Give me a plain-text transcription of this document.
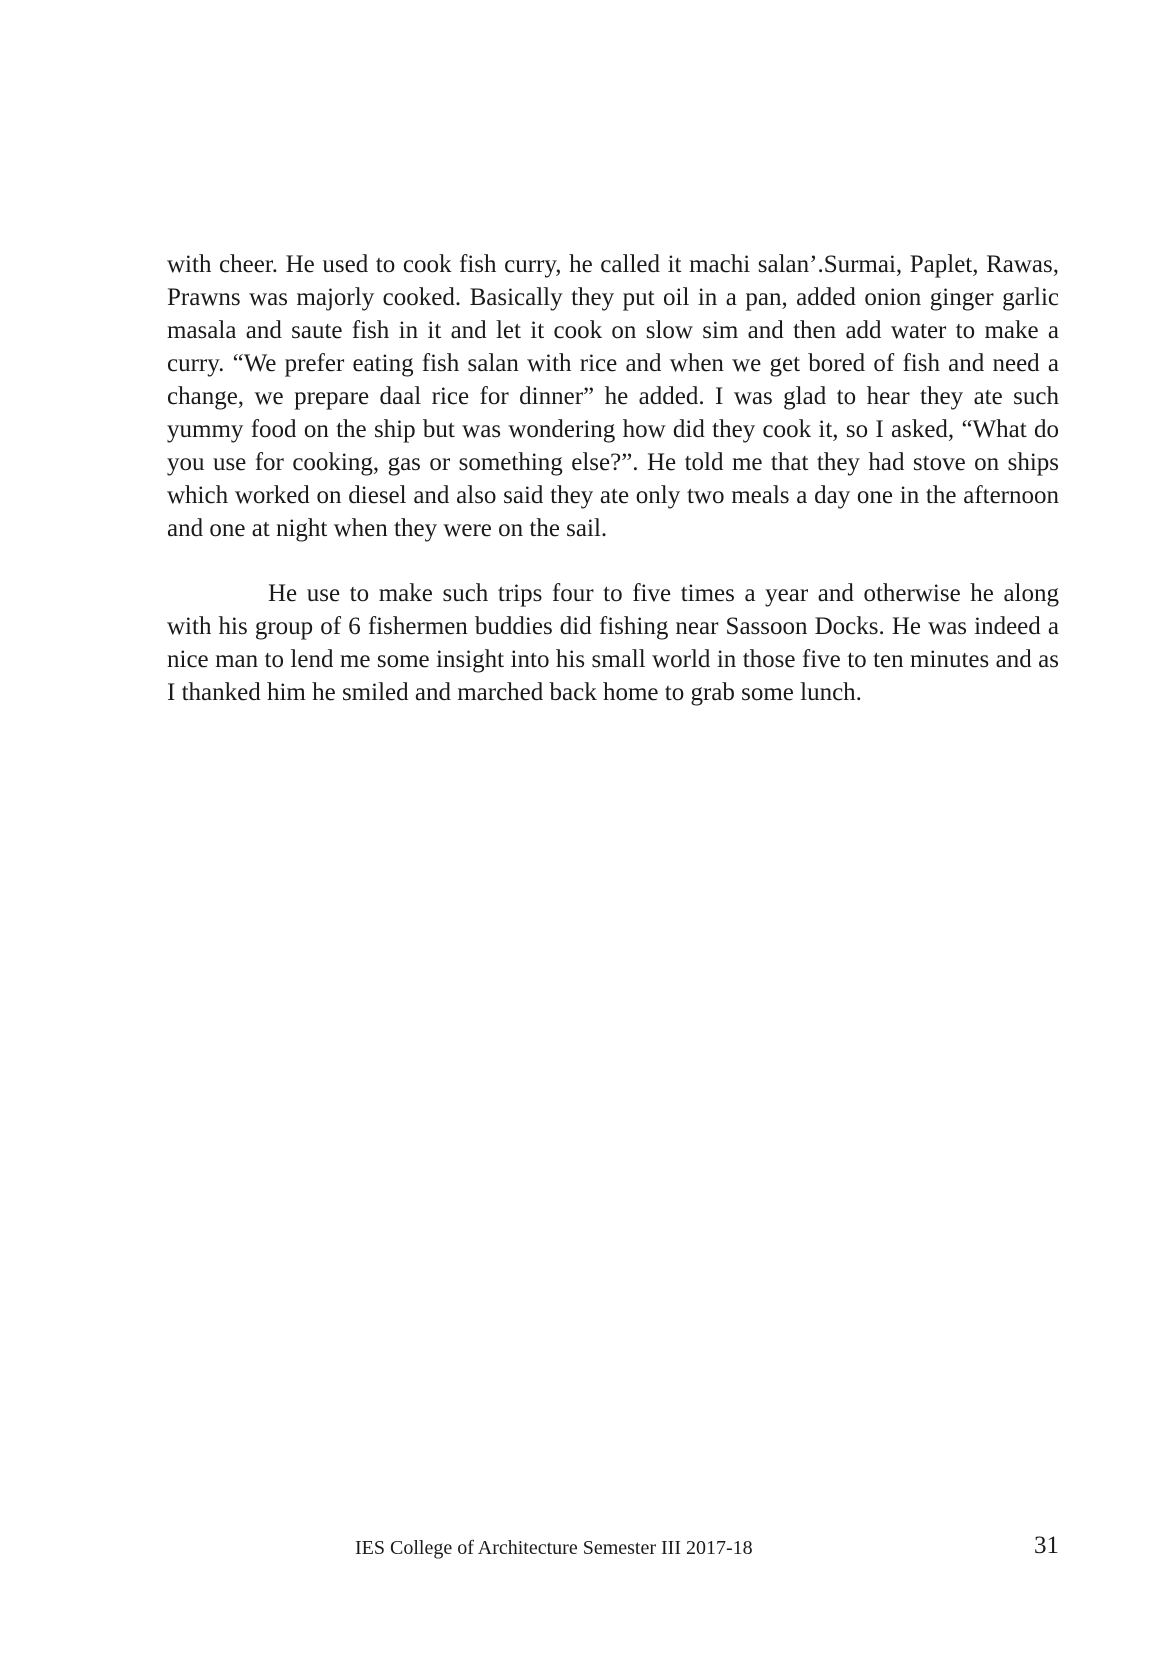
with cheer. He used to cook fish curry, he called it machi salan’.Surmai, Paplet, Rawas, Prawns was majorly cooked. Basically they put oil in a pan, added onion ginger garlic masala and saute fish in it and let it cook on slow sim and then add water to make a curry. “We prefer eating fish salan with rice and when we get bored of fish and need a change, we prepare daal rice for dinner” he added. I was glad to hear they ate such yummy food on the ship but was wondering how did they cook it, so I asked, “What do you use for cooking, gas or something else?”. He told me that they had stove on ships which worked on diesel and also said they ate only two meals a day one in the afternoon and one at night when they were on the sail.

He use to make such trips four to five times a year and otherwise he along with his group of 6 fishermen buddies did fishing near Sassoon Docks. He was indeed a nice man to lend me some insight into his small world in those five to ten minutes and as I thanked him he smiled and marched back home to grab some lunch.

IES College of Architecture Semester III 2017-18	31
